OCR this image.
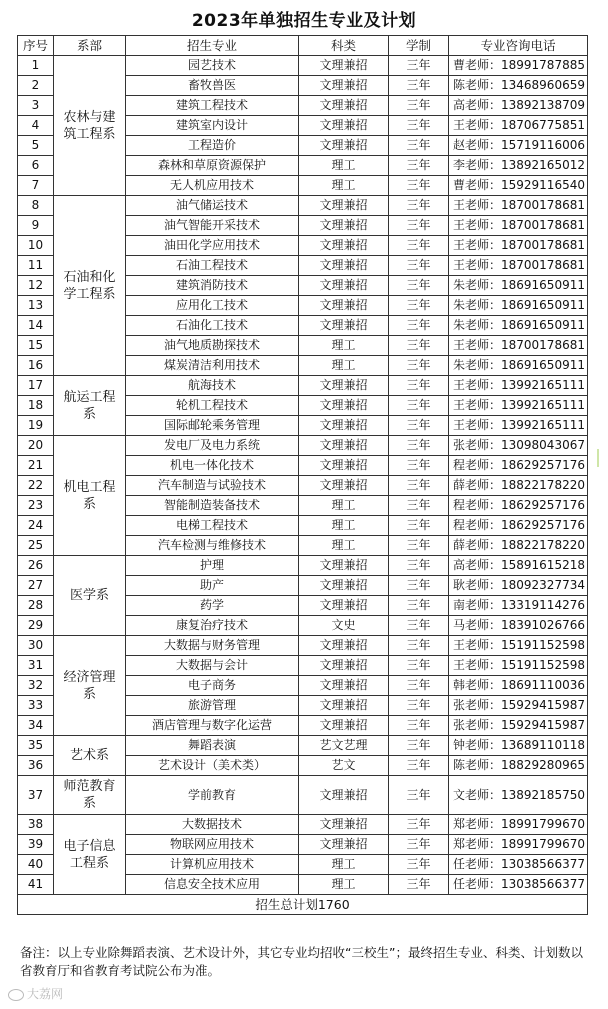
2023年单独招生专业及计划
序号	系部	招生专业	科类	学制	专业咨询电话
1	农林与建筑工程系	园艺技术	文理兼招	三年	曹老师：18991787885
2		畜牧兽医	文理兼招	三年	陈老师：13468960659
3		建筑工程技术	文理兼招	三年	高老师：13892138709
4		建筑室内设计	文理兼招	三年	王老师：18706775851
5		工程造价	文理兼招	三年	赵老师：15719116006
6		森林和草原资源保护	理工	三年	李老师：13892165012
7		无人机应用技术	理工	三年	曹老师：15929116540
8	石油和化学工程系	油气储运技术	文理兼招	三年	王老师：18700178681
9		油气智能开采技术	文理兼招	三年	王老师：18700178681
10		油田化学应用技术	文理兼招	三年	王老师：18700178681
11		石油工程技术	文理兼招	三年	王老师：18700178681
12		建筑消防技术	文理兼招	三年	朱老师：18691650911
13		应用化工技术	文理兼招	三年	朱老师：18691650911
14		石油化工技术	文理兼招	三年	朱老师：18691650911
15		油气地质勘探技术	理工	三年	王老师：18700178681
16		煤炭清洁利用技术	理工	三年	朱老师：18691650911
17	航运工程系	航海技术	文理兼招	三年	王老师：13992165111
18		轮机工程技术	文理兼招	三年	王老师：13992165111
19		国际邮轮乘务管理	文理兼招	三年	王老师：13992165111
20	机电工程系	发电厂及电力系统	文理兼招	三年	张老师：13098043067
21		机电一体化技术	文理兼招	三年	程老师：18629257176
22		汽车制造与试验技术	文理兼招	三年	薛老师：18822178220
23		智能制造装备技术	理工	三年	程老师：18629257176
24		电梯工程技术	理工	三年	程老师：18629257176
25		汽车检测与维修技术	理工	三年	薛老师：18822178220
26	医学系	护理	文理兼招	三年	高老师：15891615218
27		助产	文理兼招	三年	耿老师：18092327734
28		药学	文理兼招	三年	南老师：13319114276
29		康复治疗技术	文史	三年	马老师：18391026766
30	经济管理系	大数据与财务管理	文理兼招	三年	王老师：15191152598
31		大数据与会计	文理兼招	三年	王老师：15191152598
32		电子商务	文理兼招	三年	韩老师：18691110036
33		旅游管理	文理兼招	三年	张老师：15929415987
34		酒店管理与数字化运营	文理兼招	三年	张老师：15929415987
35	艺术系	舞蹈表演	艺文艺理	三年	钟老师：13689110118
36		艺术设计（美术类）	艺文	三年	陈老师：18829280965
37	师范教育系	学前教育	文理兼招	三年	文老师：13892185750
38	电子信息工程系	大数据技术	文理兼招	三年	郑老师：18991799670
39		物联网应用技术	文理兼招	三年	郑老师：18991799670
40		计算机应用技术	理工	三年	任老师：13038566377
41		信息安全技术应用	理工	三年	任老师：13038566377
招生总计划1760					
备注：以上专业除舞蹈表演、艺术设计外，其它专业均招收“三校生”；最终招生专业、科类、计划数以省教育厅和省教育考试院公布为准。
大荔网
